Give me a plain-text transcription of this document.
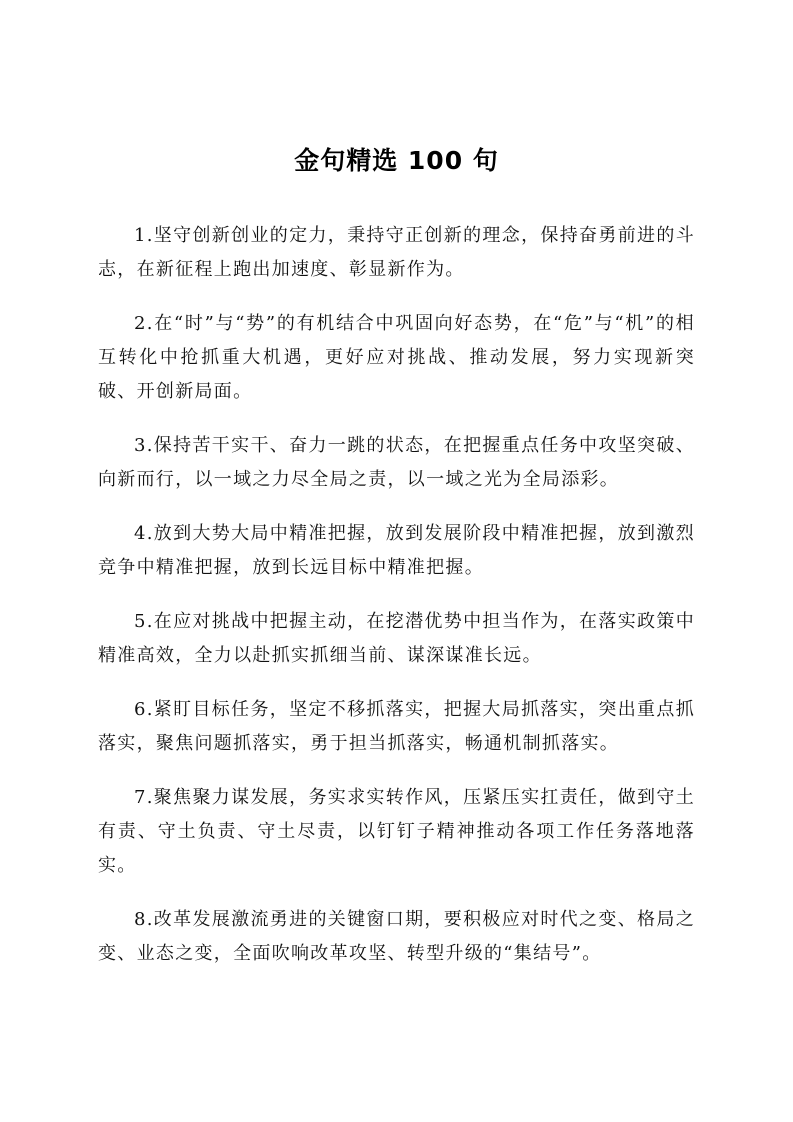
金句精选 100 句

1.坚守创新创业的定力，秉持守正创新的理念，保持奋勇前进的斗志，在新征程上跑出加速度、彰显新作为。

2.在“时”与“势”的有机结合中巩固向好态势，在“危”与“机”的相互转化中抢抓重大机遇，更好应对挑战、推动发展，努力实现新突破、开创新局面。

3.保持苦干实干、奋力一跳的状态，在把握重点任务中攻坚突破、向新而行，以一域之力尽全局之责，以一域之光为全局添彩。

4.放到大势大局中精准把握，放到发展阶段中精准把握，放到激烈竞争中精准把握，放到长远目标中精准把握。

5.在应对挑战中把握主动，在挖潜优势中担当作为，在落实政策中精准高效，全力以赴抓实抓细当前、谋深谋准长远。

6.紧盯目标任务，坚定不移抓落实，把握大局抓落实，突出重点抓落实，聚焦问题抓落实，勇于担当抓落实，畅通机制抓落实。

7.聚焦聚力谋发展，务实求实转作风，压紧压实扛责任，做到守土有责、守土负责、守土尽责，以钉钉子精神推动各项工作任务落地落实。

8.改革发展激流勇进的关键窗口期，要积极应对时代之变、格局之变、业态之变，全面吹响改革攻坚、转型升级的“集结号”。
